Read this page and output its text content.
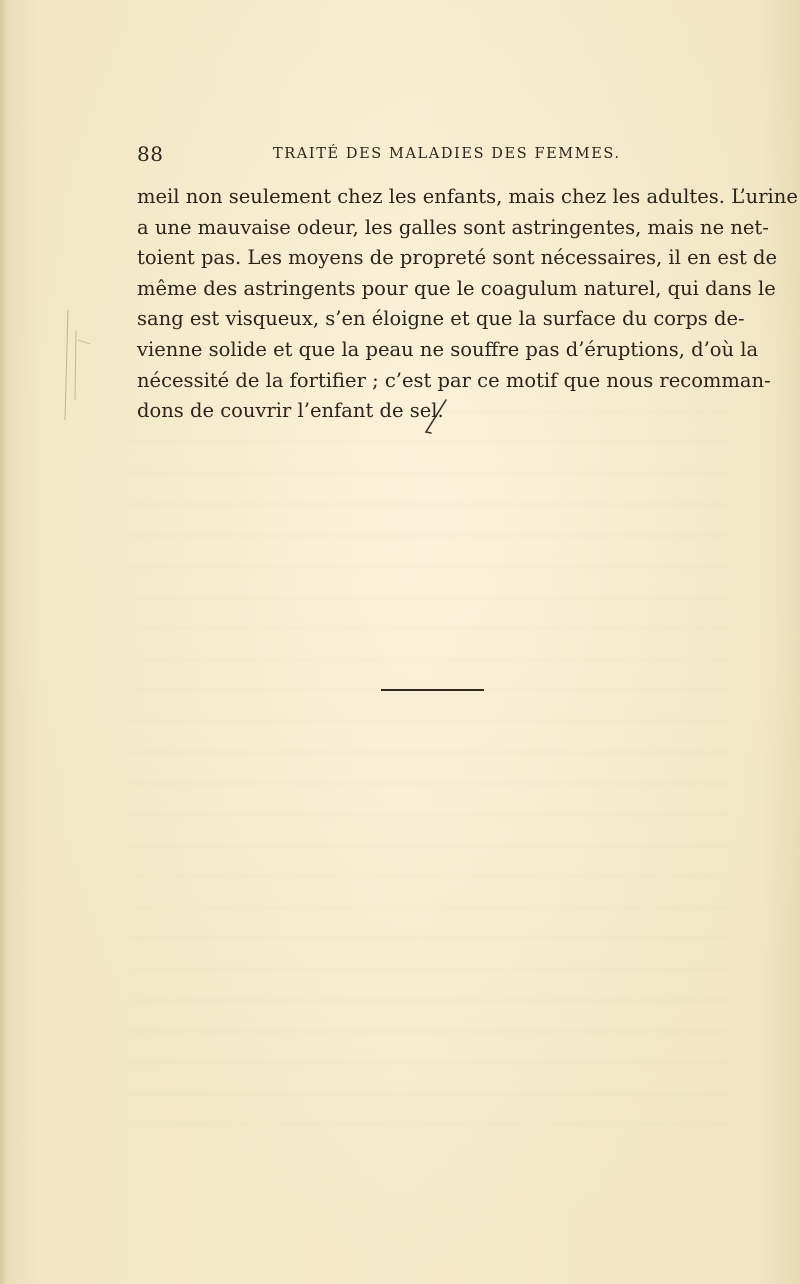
88	TRAITÉ DES MALADIES DES FEMMES.
meil non seulement chez les enfants, mais chez les adultes. L’urine
a une mauvaise odeur, les galles sont astringentes, mais ne net-
toient pas. Les moyens de propreté sont nécessaires, il en est de
même des astringents pour que le coagulum naturel, qui dans le
sang est visqueux, s’en éloigne et que la surface du corps de-
vienne solide et que la peau ne souffre pas d’éruptions, d’où la
nécessité de la fortifier ; c’est par ce motif que nous recomman-
dons de couvrir l’enfant de sel.
